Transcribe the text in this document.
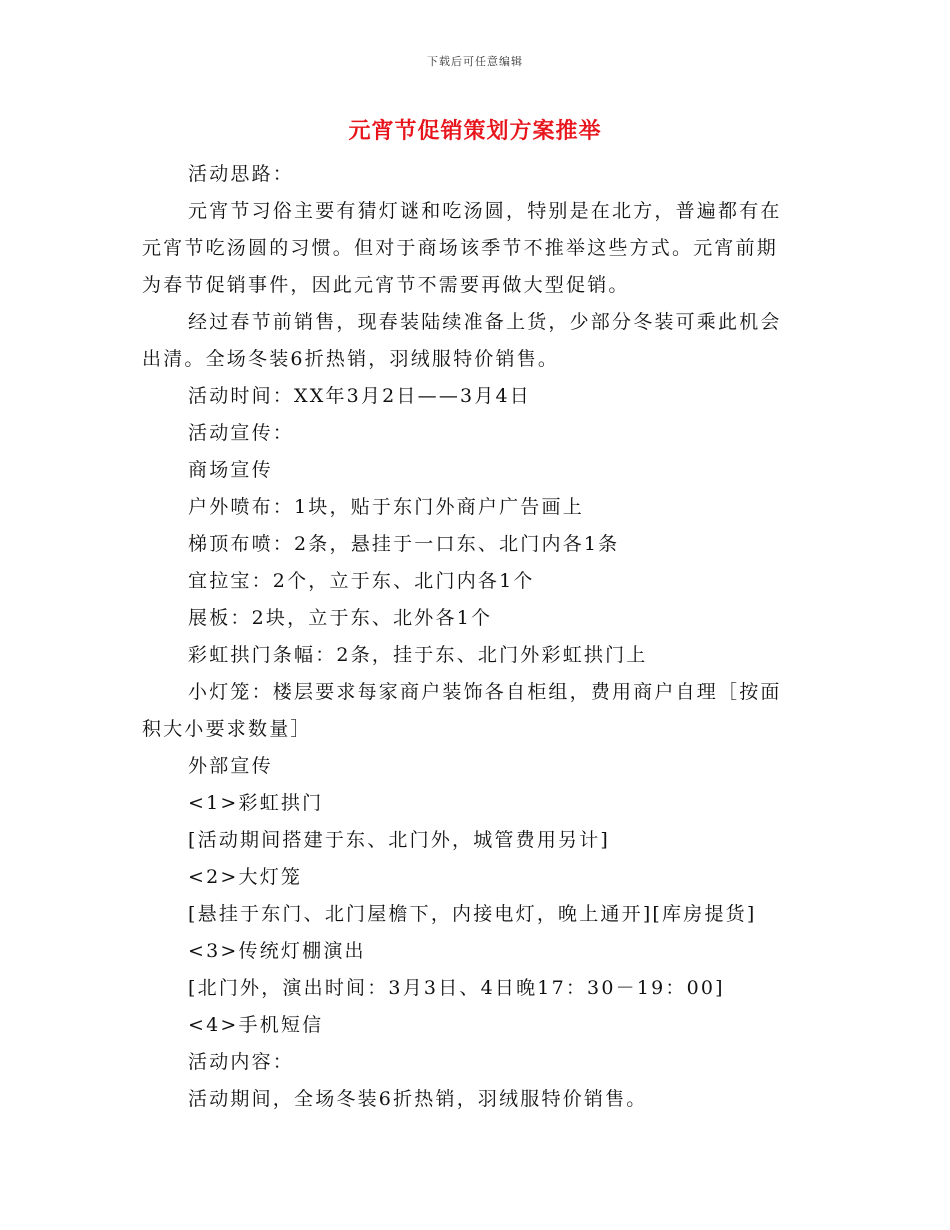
下载后可任意编辑
元宵节促销策划方案推举

活动思路：

元宵节习俗主要有猜灯谜和吃汤圆，特别是在北方，普遍都有在元宵节吃汤圆的习惯。但对于商场该季节不推举这些方式。元宵前期为春节促销事件，因此元宵节不需要再做大型促销。

经过春节前销售，现春装陆续准备上货，少部分冬装可乘此机会出清。全场冬装6折热销，羽绒服特价销售。

活动时间：XX年3月2日——3月4日

活动宣传：

商场宣传

户外喷布：1块，贴于东门外商户广告画上

梯顶布喷：2条，悬挂于一口东、北门内各1条

宜拉宝：2个，立于东、北门内各1个

展板：2块，立于东、北外各1个

彩虹拱门条幅：2条，挂于东、北门外彩虹拱门上

小灯笼：楼层要求每家商户装饰各自柜组，费用商户自理［按面积大小要求数量］

外部宣传

<1>彩虹拱门

[活动期间搭建于东、北门外，城管费用另计]

<2>大灯笼

[悬挂于东门、北门屋檐下，内接电灯，晚上通开][库房提货]

<3>传统灯棚演出

[北门外，演出时间：3月3日、4日晚17：30－19：00]

<4>手机短信

活动内容：

活动期间，全场冬装6折热销，羽绒服特价销售。
